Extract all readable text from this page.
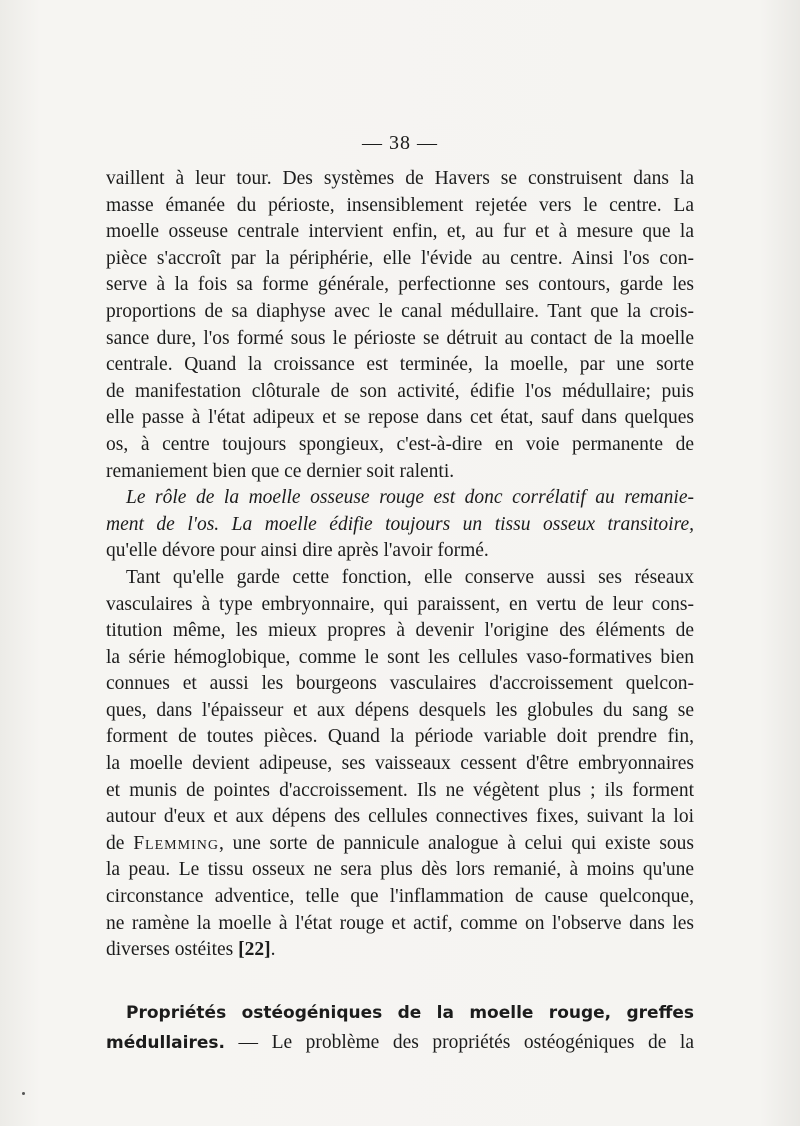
— 38 —
vaillent à leur tour. Des systèmes de Havers se construisent dans la
masse émanée du périoste, insensiblement rejetée vers le centre. La
moelle osseuse centrale intervient enfin, et, au fur et à mesure que la
pièce s'accroît par la périphérie, elle l'évide au centre. Ainsi l'os con-
serve à la fois sa forme générale, perfectionne ses contours, garde les
proportions de sa diaphyse avec le canal médullaire. Tant que la crois-
sance dure, l'os formé sous le périoste se détruit au contact de la moelle
centrale. Quand la croissance est terminée, la moelle, par une sorte
de manifestation clôturale de son activité, édifie l'os médullaire; puis
elle passe à l'état adipeux et se repose dans cet état, sauf dans quelques
os, à centre toujours spongieux, c'est-à-dire en voie permanente de
remaniement bien que ce dernier soit ralenti.
Le rôle de la moelle osseuse rouge est donc corrélatif au remanie-
ment de l'os. La moelle édifie toujours un tissu osseux transitoire,
qu'elle dévore pour ainsi dire après l'avoir formé.
Tant qu'elle garde cette fonction, elle conserve aussi ses réseaux
vasculaires à type embryonnaire, qui paraissent, en vertu de leur cons-
titution même, les mieux propres à devenir l'origine des éléments de
la série hémoglobique, comme le sont les cellules vaso-formatives bien
connues et aussi les bourgeons vasculaires d'accroissement quelcon-
ques, dans l'épaisseur et aux dépens desquels les globules du sang se
forment de toutes pièces. Quand la période variable doit prendre fin,
la moelle devient adipeuse, ses vaisseaux cessent d'être embryonnaires
et munis de pointes d'accroissement. Ils ne végètent plus ; ils forment
autour d'eux et aux dépens des cellules connectives fixes, suivant la loi
de Flemming, une sorte de pannicule analogue à celui qui existe sous
la peau. Le tissu osseux ne sera plus dès lors remanié, à moins qu'une
circonstance adventice, telle que l'inflammation de cause quelconque,
ne ramène la moelle à l'état rouge et actif, comme on l'observe dans les
diverses ostéites [22].
Propriétés ostéogéniques de la moelle rouge, greffes
médullaires. — Le problème des propriétés ostéogéniques de la
